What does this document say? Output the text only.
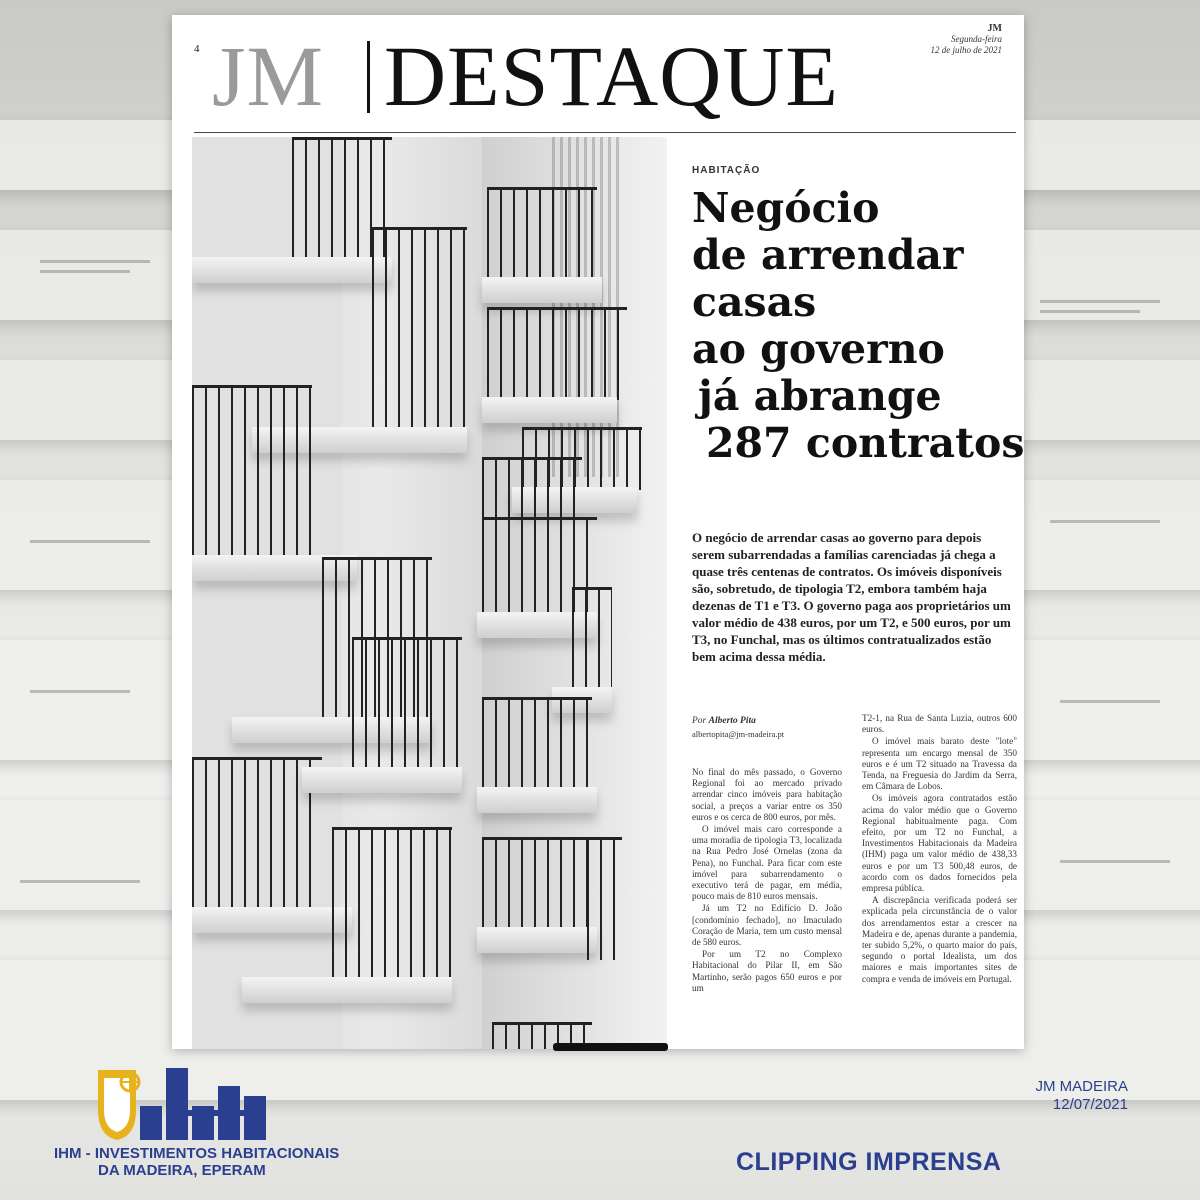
4 JM DESTAQUE	JM
Segunda-feira
12 de julho de 2021
HABITAÇÃO
Negócio
de arrendar
casas
ao governo
já abrange
287 contratos

O negócio de arrendar casas ao governo para depois serem subarrendadas a famílias carenciadas já chega a quase três centenas de contratos. Os imóveis disponíveis são, sobretudo, de tipologia T2, embora também haja dezenas de T1 e T3. O governo paga aos proprietários um valor médio de 438 euros, por um T2, e 500 euros, por um T3, no Funchal, mas os últimos contratualizados estão bem acima dessa média.

Por Alberto Pita
albertopita@jm-madeira.pt

No final do mês passado, o Governo Regional foi ao mercado privado arrendar cinco imóveis para habitação social, a preços a variar entre os 350 euros e os cerca de 800 euros, por mês.

O imóvel mais caro corresponde a uma moradia de tipologia T3, localizada na Rua Pedro José Ornelas (zona da Pena), no Funchal. Para ficar com este imóvel para subarrendamento o executivo terá de pagar, em média, pouco mais de 810 euros mensais.

Já um T2 no Edifício D. João [condomínio fechado], no Imaculado Coração de Maria, tem um custo mensal de 580 euros.

Por um T2 no Complexo Habitacional do Pilar II, em São Martinho, serão pagos 650 euros e por um

T2-1, na Rua de Santa Luzia, outros 600 euros.

O imóvel mais barato deste "lote" representa um encargo mensal de 350 euros e é um T2 situado na Travessa da Tenda, na Freguesia do Jardim da Serra, em Câmara de Lobos.

Os imóveis agora contratados estão acima do valor médio que o Governo Regional habitualmente paga. Com efeito, por um T2 no Funchal, a Investimentos Habitacionais da Madeira (IHM) paga um valor médio de 438,33 euros e por um T3 500,48 euros, de acordo com os dados fornecidos pela empresa pública.

A discrepância verificada poderá ser explicada pela circunstância de o valor dos arrendamentos estar a crescer na Madeira e de, apenas durante a pandemia, ter subido 5,2%, o quarto maior do país, segundo o portal Idealista, um dos maiores e mais importantes sites de compra e venda de imóveis em Portugal.

IHM - INVESTIMENTOS HABITACIONAIS
DA MADEIRA, EPERAM
JM MADEIRA
12/07/2021
CLIPPING IMPRENSA
